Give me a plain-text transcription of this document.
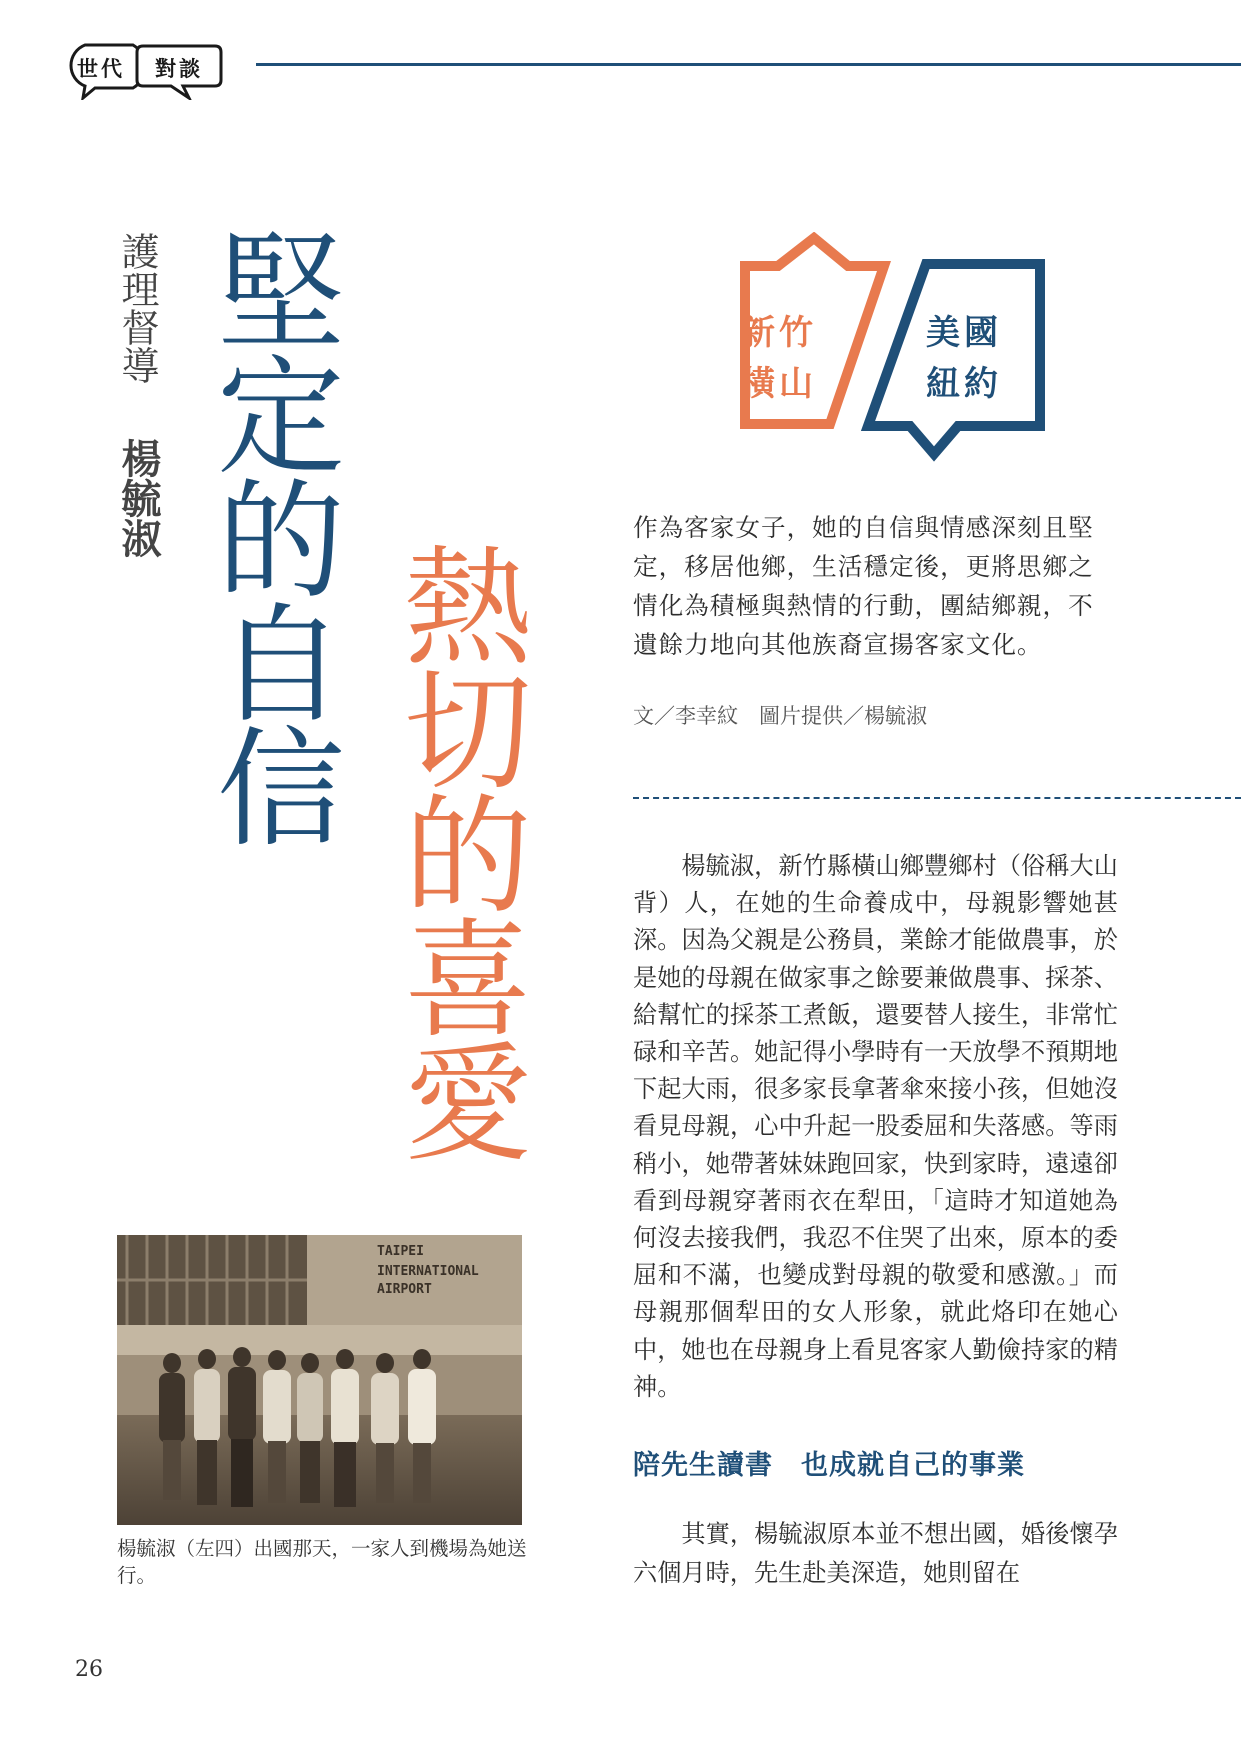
世代 對談
護理督導
楊毓淑 堅定的自信
熱切的喜愛
新竹
橫山
美國
紐約
作為客家女子，她的自信與情感深刻且堅定，移居他鄉，生活穩定後，更將思鄉之情化為積極與熱情的行動，團結鄉親，不遺餘力地向其他族裔宣揚客家文化。
文／李幸紋　圖片提供／楊毓淑

楊毓淑，新竹縣橫山鄉豐鄉村（俗稱大山背）人，在她的生命養成中，母親影響她甚深。因為父親是公務員，業餘才能做農事，於是她的母親在做家事之餘要兼做農事、採茶、給幫忙的採茶工煮飯，還要替人接生，非常忙碌和辛苦。她記得小學時有一天放學不預期地下起大雨，很多家長拿著傘來接小孩，但她沒看見母親，心中升起一股委屈和失落感。等雨稍小，她帶著妹妹跑回家，快到家時，遠遠卻看到母親穿著雨衣在犁田，「這時才知道她為何沒去接我們，我忍不住哭了出來，原本的委屈和不滿，也變成對母親的敬愛和感激。」而母親那個犁田的女人形象，就此烙印在她心中，她也在母親身上看見客家人勤儉持家的精神。

陪先生讀書　也成就自己的事業

其實，楊毓淑原本並不想出國，婚後懷孕六個月時，先生赴美深造，她則留在

TAIPEI
INTERNATIONAL
AIRPORT
楊毓淑（左四）出國那天，一家人到機場為她送行。
26
